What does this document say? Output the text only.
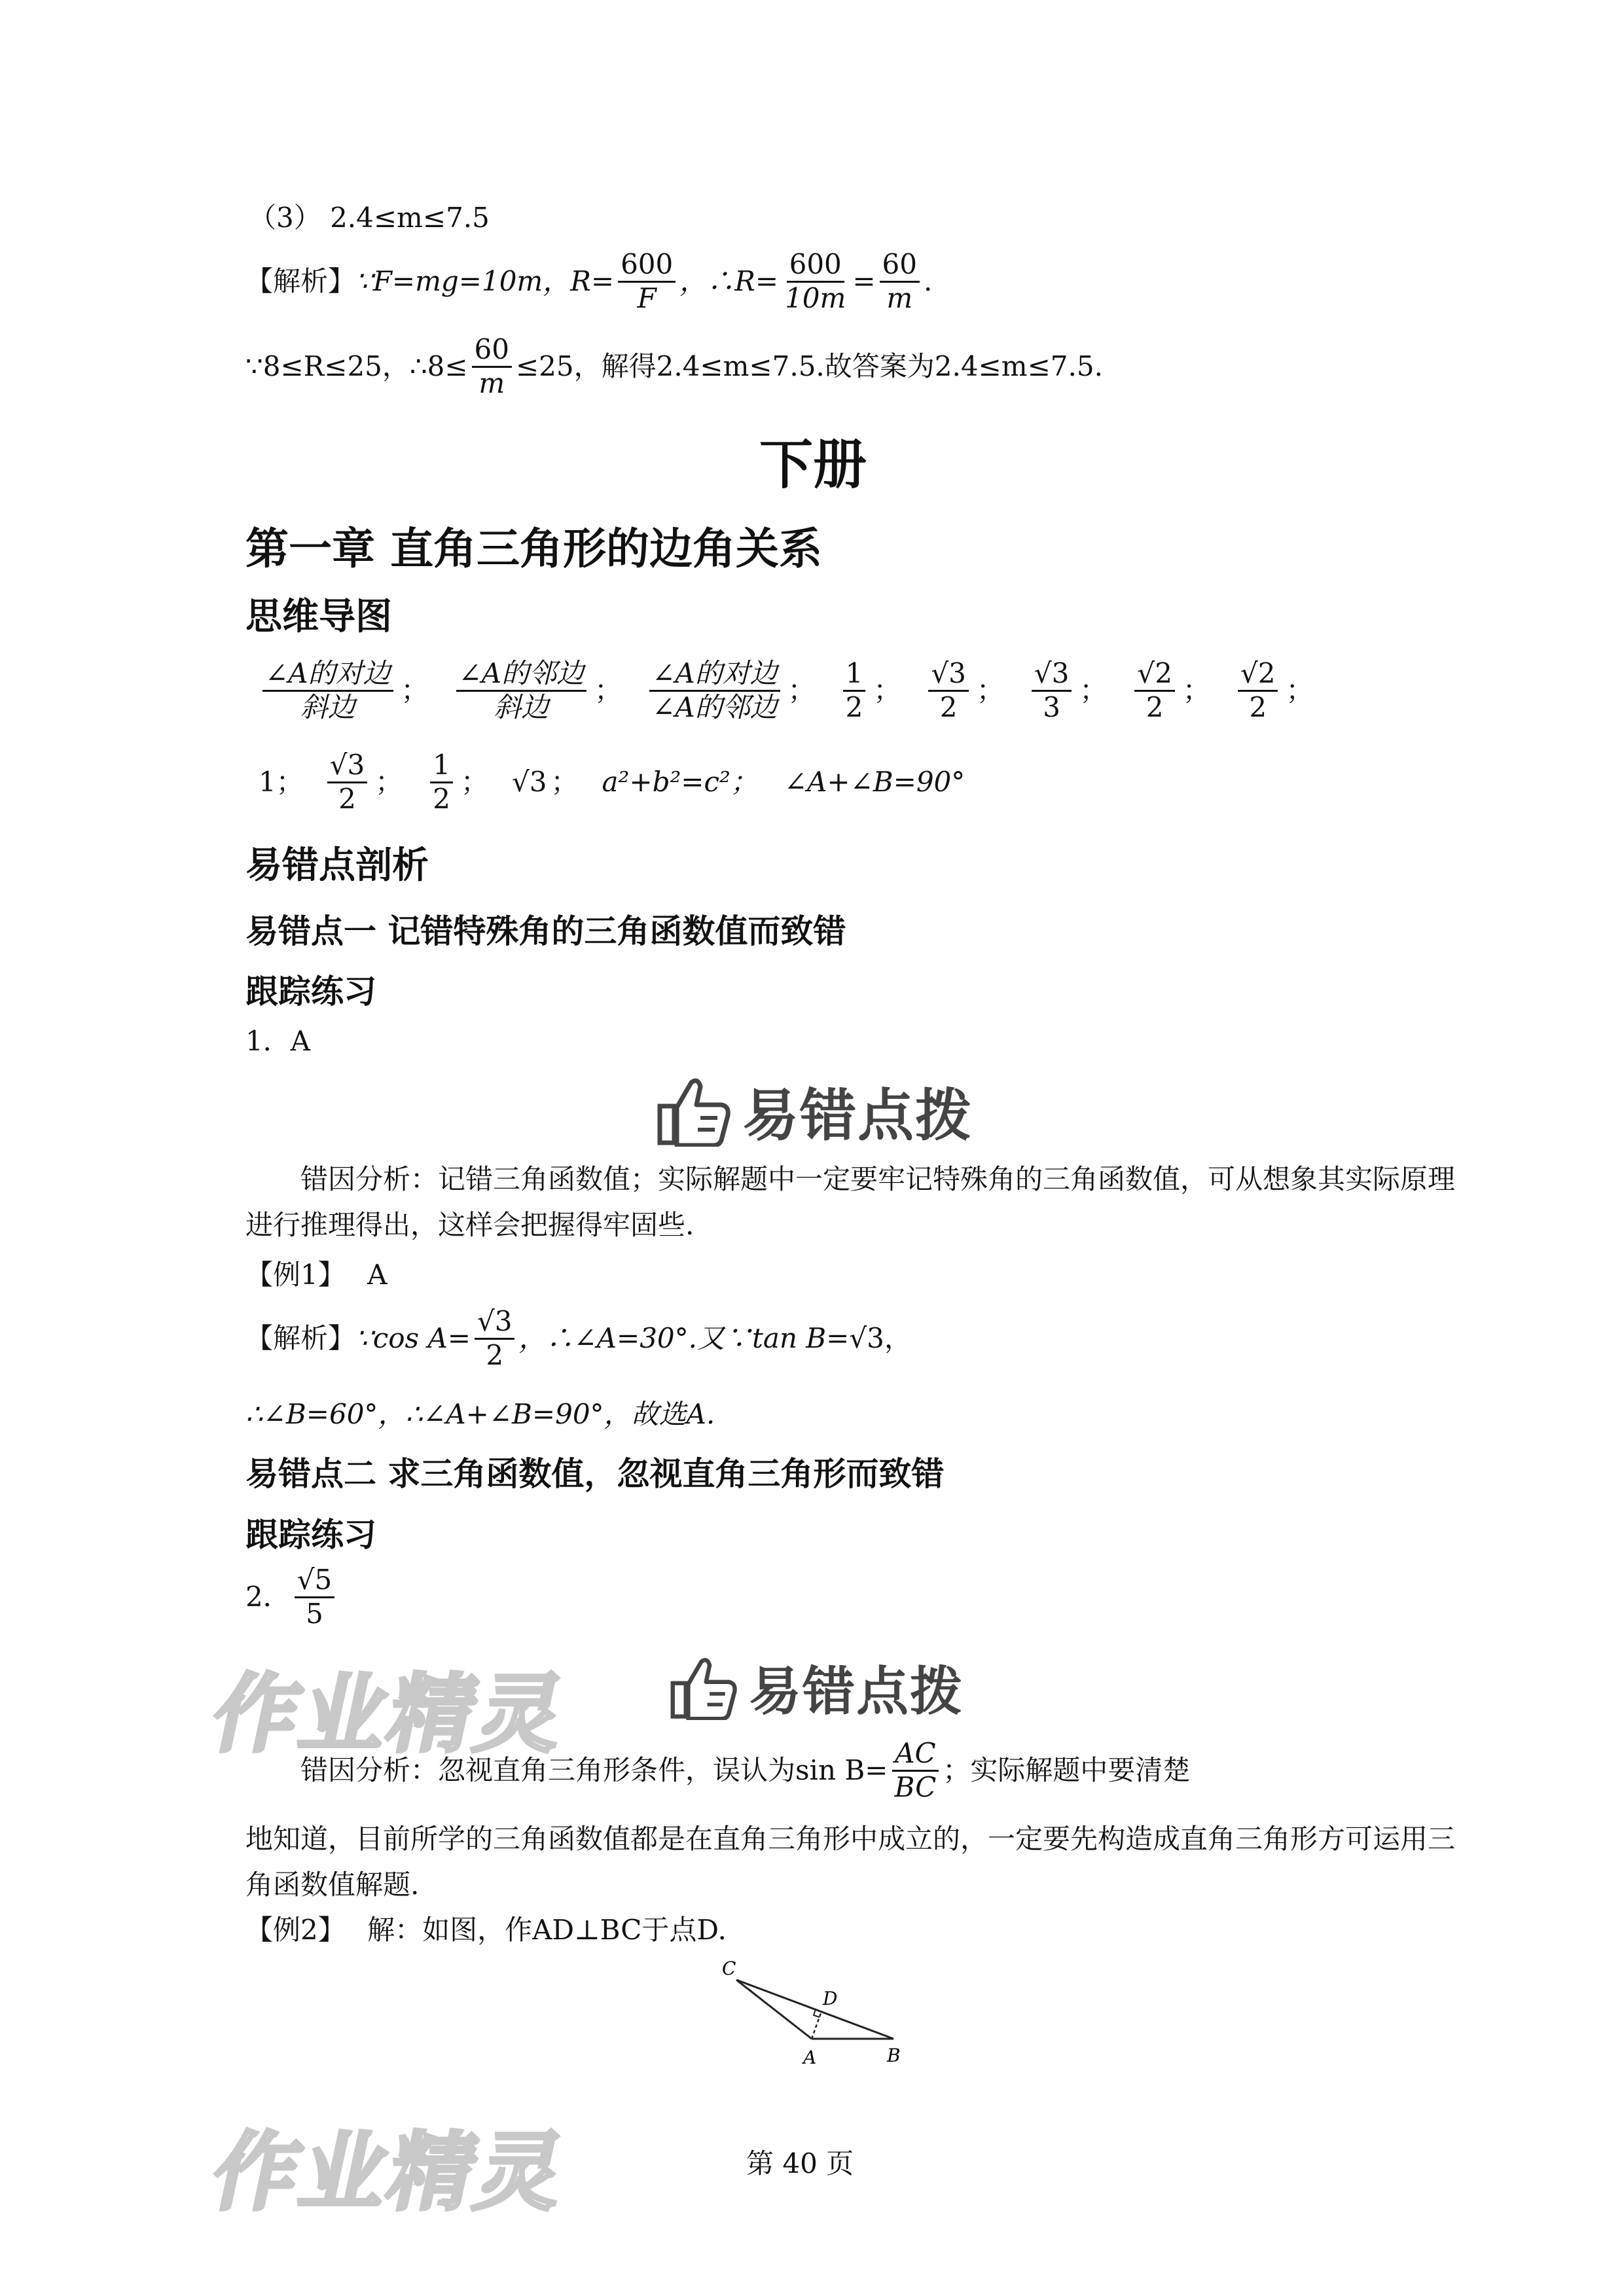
（3） 2.4≤m≤7.5
【解析】 ∵F=mg=10m，$R= \frac{600}{F}$ ，∴R= $\frac{600}{10m} = \frac{60}{m}$ .
∵8≤R≤25，∴8≤ $\frac{60}{m} \le 25$，解得2.4≤m≤7.5.故答案为2.4≤m≤7.5.
下册
第一章 直角三角形的边角关系
思维导图
$\frac{\text{∠A的对边}}{\text{斜边}}$ ； $\frac{\text{∠A的邻边}}{\text{斜边}}$ ； $\frac{\text{∠A的对边}}{\text{∠A的邻边}}$ ； $\frac{1}{2}$ ； √ $\frac{3}{2}$ ； √ $\frac{3}{3}$ ； √ $\frac{2}{2}$ ； √ $\frac{2}{2}$ ；
1； √ $\frac{3}{2}$ ； $\frac{1}{2}$ ；	√ 3 ； a²+b²=c²； ∠A+∠B=90°
易错点剖析
易错点一 记错特殊角的三角函数值而致错
跟踪练习
1．A
易错点拨
错因分析：记错三角函数值；实际解题中一定要牢记特殊角的三角函数值，可从想象其实际原理进行推理得出，这样会把握得牢固些.
【例1】 A
【解析】 ∵cos A= √ $\frac{3}{2}$ ，∴∠A=30°.又∵tan B= √ 3 ，
∴∠B=60°，∴∠A+∠B=90°，故选A.
易错点二 求三角函数值，忽视直角三角形而致错
跟踪练习
2． √ $\frac{5}{5}$
作业精灵	易错点拨
错因分析：忽视直角三角形条件，误认为$\sin B= \frac{AC}{BC}$ ；实际解题中要清楚
地知道，目前所学的三角函数值都是在直角三角形中成立的，一定要先构造成直角三角形方可运用三角函数值解题.
【例2】 解：如图，作AD⊥BC于点D.
C
D
A	B
作业精灵	第 40 页
